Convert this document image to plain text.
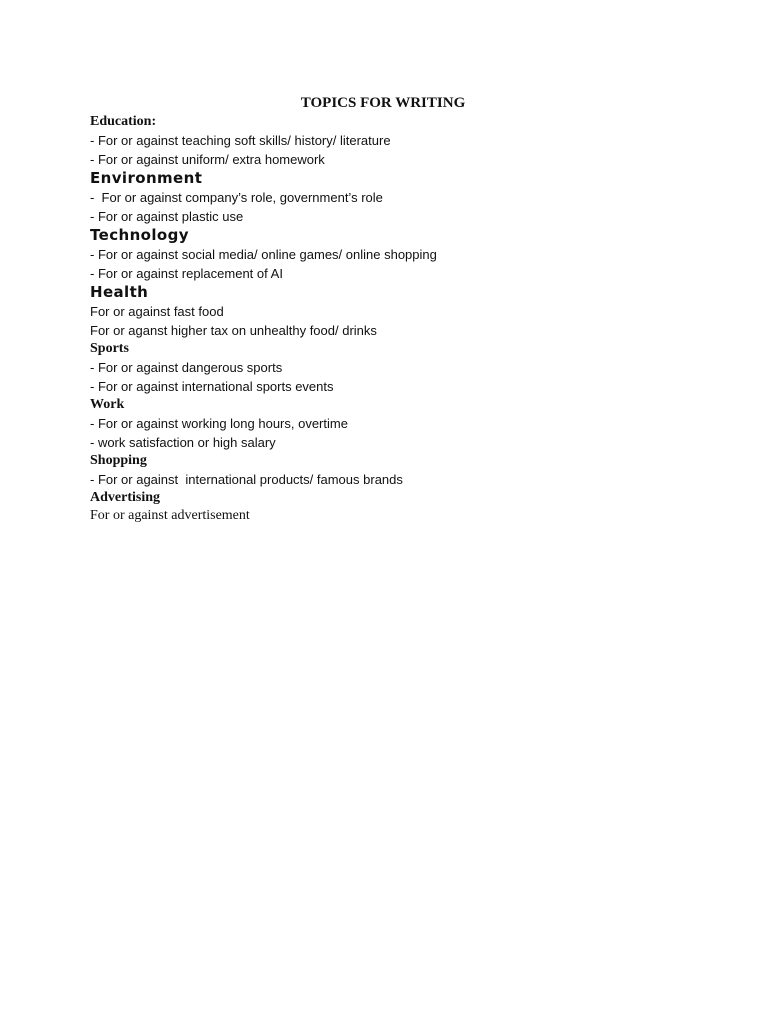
TOPICS FOR WRITING
Education:
- For or against teaching soft skills/ history/ literature
- For or against uniform/ extra homework
Environment
-  For or against company’s role, government’s role
- For or against plastic use
Technology
- For or against social media/ online games/ online shopping
- For or against replacement of AI
Health
For or against fast food
For or aganst higher tax on unhealthy food/ drinks
Sports
- For or against dangerous sports
- For or against international sports events
Work
- For or against working long hours, overtime
- work satisfaction or high salary
Shopping
- For or against  international products/ famous brands
Advertising
For or against advertisement
